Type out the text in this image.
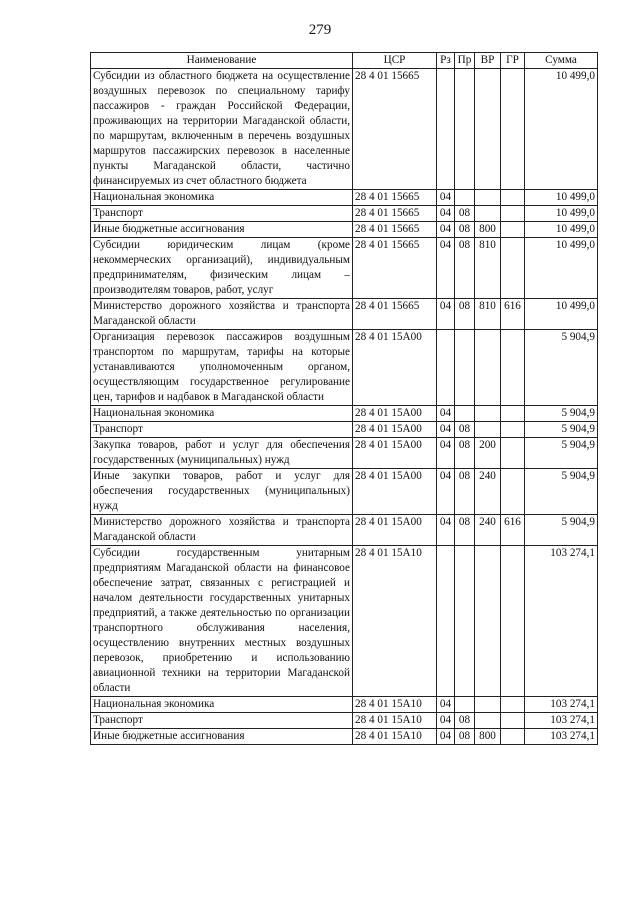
279
Наименование	ЦСР	Рз	Пр	ВР	ГР	Сумма
Субсидии из областного бюджета на осуществление воздушных перевозок по специальному тарифу пассажиров - граждан Российской Федерации, проживающих на территории Магаданской области, по маршрутам, включенным в перечень воздушных маршрутов пассажирских перевозок в населенные пункты Магаданской области, частично финансируемых из счет областного бюджета	28 4 01 15665					10 499,0
Национальная экономика	28 4 01 15665	04				10 499,0
Транспорт	28 4 01 15665	04	08			10 499,0
Иные бюджетные ассигнования	28 4 01 15665	04	08	800		10 499,0
Субсидии юридическим лицам (кроме некоммерческих организаций), индивидуальным предпринимателям, физическим лицам – производителям товаров, работ, услуг	28 4 01 15665	04	08	810		10 499,0
Министерство дорожного хозяйства и транспорта Магаданской области	28 4 01 15665	04	08	810	616	10 499,0
Организация перевозок пассажиров воздушным транспортом по маршрутам, тарифы на которые устанавливаются уполномоченным органом, осуществляющим государственное регулирование цен, тарифов и надбавок в Магаданской области	28 4 01 15A00					5 904,9
Национальная экономика	28 4 01 15A00	04				5 904,9
Транспорт	28 4 01 15A00	04	08			5 904,9
Закупка товаров, работ и услуг для обеспечения государственных (муниципальных) нужд	28 4 01 15A00	04	08	200		5 904,9
Иные закупки товаров, работ и услуг для обеспечения государственных (муниципальных) нужд	28 4 01 15A00	04	08	240		5 904,9
Министерство дорожного хозяйства и транспорта Магаданской области	28 4 01 15A00	04	08	240	616	5 904,9
Субсидии государственным унитарным предприятиям Магаданской области на финансовое обеспечение затрат, связанных с регистрацией и началом деятельности государственных унитарных предприятий, а также деятельностью по организации транспортного обслуживания населения, осуществлению внутренних местных воздушных перевозок, приобретению и использованию авиационной техники на территории Магаданской области	28 4 01 15A10					103 274,1
Национальная экономика	28 4 01 15A10	04				103 274,1
Транспорт	28 4 01 15A10	04	08			103 274,1
Иные бюджетные ассигнования	28 4 01 15A10	04	08	800		103 274,1
